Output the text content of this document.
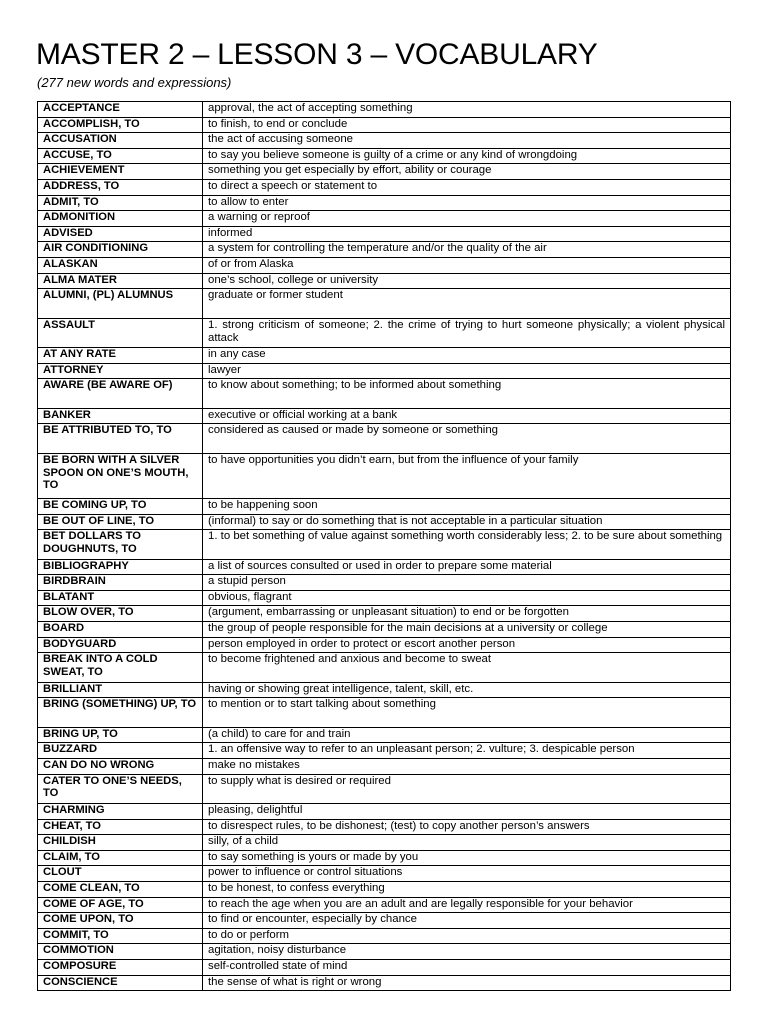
MASTER 2 – LESSON 3 – VOCABULARY
(277 new words and expressions)
ACCEPTANCE	approval, the act of accepting something
ACCOMPLISH, TO	to finish, to end or conclude
ACCUSATION	the act of accusing someone
ACCUSE, TO	to say you believe someone is guilty of a crime or any kind of wrongdoing
ACHIEVEMENT	something you get especially by effort, ability or courage
ADDRESS, TO	to direct a speech or statement to
ADMIT, TO	to allow to enter
ADMONITION	a warning or reproof
ADVISED	informed
AIR CONDITIONING	a system for controlling the temperature and/or the quality of the air
ALASKAN	of or from Alaska
ALMA MATER	one’s school, college or university
ALUMNI, (PL) ALUMNUS	graduate or former student
ASSAULT	1. strong criticism of someone; 2. the crime of trying to hurt someone physically; a violent physical attack
AT ANY RATE	in any case
ATTORNEY	lawyer
AWARE (BE AWARE OF)	to know about something; to be informed about something
BANKER	executive or official working at a bank
BE ATTRIBUTED TO, TO	considered as caused or made by someone or something
BE BORN WITH A SILVER SPOON ON ONE’S MOUTH, TO	to have opportunities you didn’t earn, but from the influence of your family
BE COMING UP, TO	to be happening soon
BE OUT OF LINE, TO	(informal) to say or do something that is not acceptable in a particular situation
BET DOLLARS TO DOUGHNUTS, TO	1. to bet something of value against something worth considerably less; 2. to be sure about something
BIBLIOGRAPHY	a list of sources consulted or used in order to prepare some material
BIRDBRAIN	a stupid person
BLATANT	obvious, flagrant
BLOW OVER, TO	(argument, embarrassing or unpleasant situation) to end or be forgotten
BOARD	the group of people responsible for the main decisions at a university or college
BODYGUARD	person employed in order to protect or escort another person
BREAK INTO A COLD SWEAT, TO	to become frightened and anxious and become to sweat
BRILLIANT	having or showing great intelligence, talent, skill, etc.
BRING (SOMETHING) UP, TO	to mention or to start talking about something
BRING UP, TO	(a child) to care for and train
BUZZARD	1. an offensive way to refer to an unpleasant person; 2. vulture; 3. despicable person
CAN DO NO WRONG	make no mistakes
CATER TO ONE’S NEEDS, TO	to supply what is desired or required
CHARMING	pleasing, delightful
CHEAT, TO	to disrespect rules, to be dishonest; (test) to copy another person’s answers
CHILDISH	silly, of a child
CLAIM, TO	to say something is yours or made by you
CLOUT	power to influence or control situations
COME CLEAN, TO	to be honest, to confess everything
COME OF AGE, TO	to reach the age when you are an adult and are legally responsible for your behavior
COME UPON, TO	to find or encounter, especially by chance
COMMIT, TO	to do or perform
COMMOTION	agitation, noisy disturbance
COMPOSURE	self-controlled state of mind
CONSCIENCE	the sense of what is right or wrong
